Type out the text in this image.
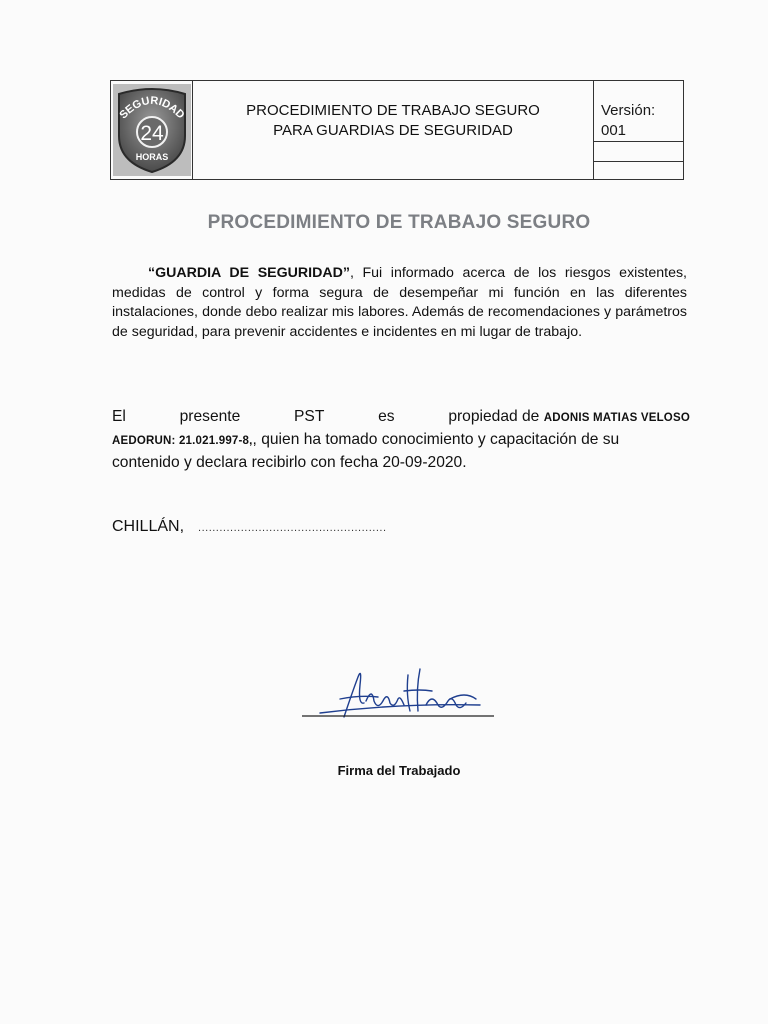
SEGURIDAD
24
HORAS
PROCEDIMIENTO DE TRABAJO SEGURO
PARA GUARDIAS DE SEGURIDAD
Versión:
001
PROCEDIMIENTO DE TRABAJO SEGURO
“GUARDIA DE SEGURIDAD”, Fui informado acerca de los riesgos existentes, medidas de control y forma segura de desempeñar mi función en las diferentes instalaciones, donde debo realizar mis labores. Además de recomendaciones y parámetros de seguridad, para prevenir accidentes e incidentes en mi lugar de trabajo.
El	presente	PST	es	propiedad de ADONIS MATIAS VELOSO
AEDORUN: 21.021.997-8,, quien ha tomado conocimiento y capacitación de su
contenido y declara recibirlo con fecha 20-09-2020.
CHILLÁN, .....................................................
Firma del Trabajado
